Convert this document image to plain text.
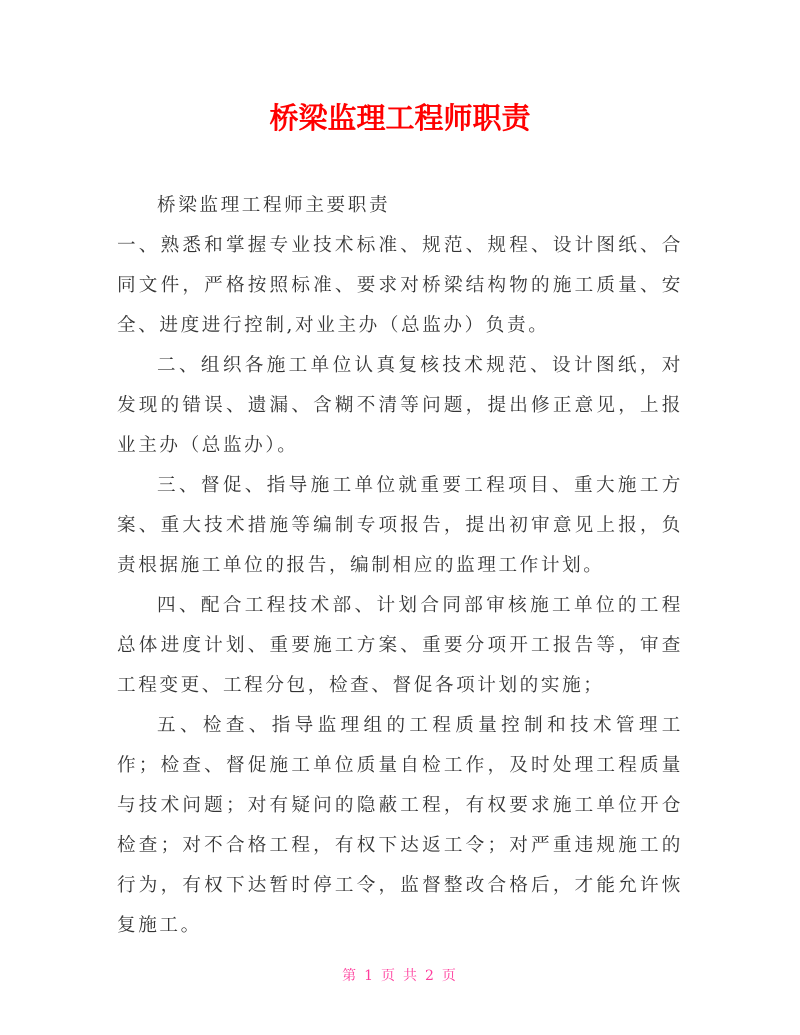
桥梁监理工程师职责

桥梁监理工程师主要职责

一、熟悉和掌握专业技术标准、规范、规程、设计图纸、合同文件，严格按照标准、要求对桥梁结构物的施工质量、安全、进度进行控制,对业主办（总监办）负责。

二、组织各施工单位认真复核技术规范、设计图纸，对发现的错误、遗漏、含糊不清等问题，提出修正意见，上报业主办（总监办）。

三、督促、指导施工单位就重要工程项目、重大施工方案、重大技术措施等编制专项报告，提出初审意见上报，负责根据施工单位的报告，编制相应的监理工作计划。

四、配合工程技术部、计划合同部审核施工单位的工程总体进度计划、重要施工方案、重要分项开工报告等，审查工程变更、工程分包，检查、督促各项计划的实施；

五、检查、指导监理组的工程质量控制和技术管理工作；检查、督促施工单位质量自检工作，及时处理工程质量与技术问题；对有疑问的隐蔽工程，有权要求施工单位开仓检查；对不合格工程，有权下达返工令；对严重违规施工的行为，有权下达暂时停工令，监督整改合格后，才能允许恢复施工。

第 1 页 共 2 页
